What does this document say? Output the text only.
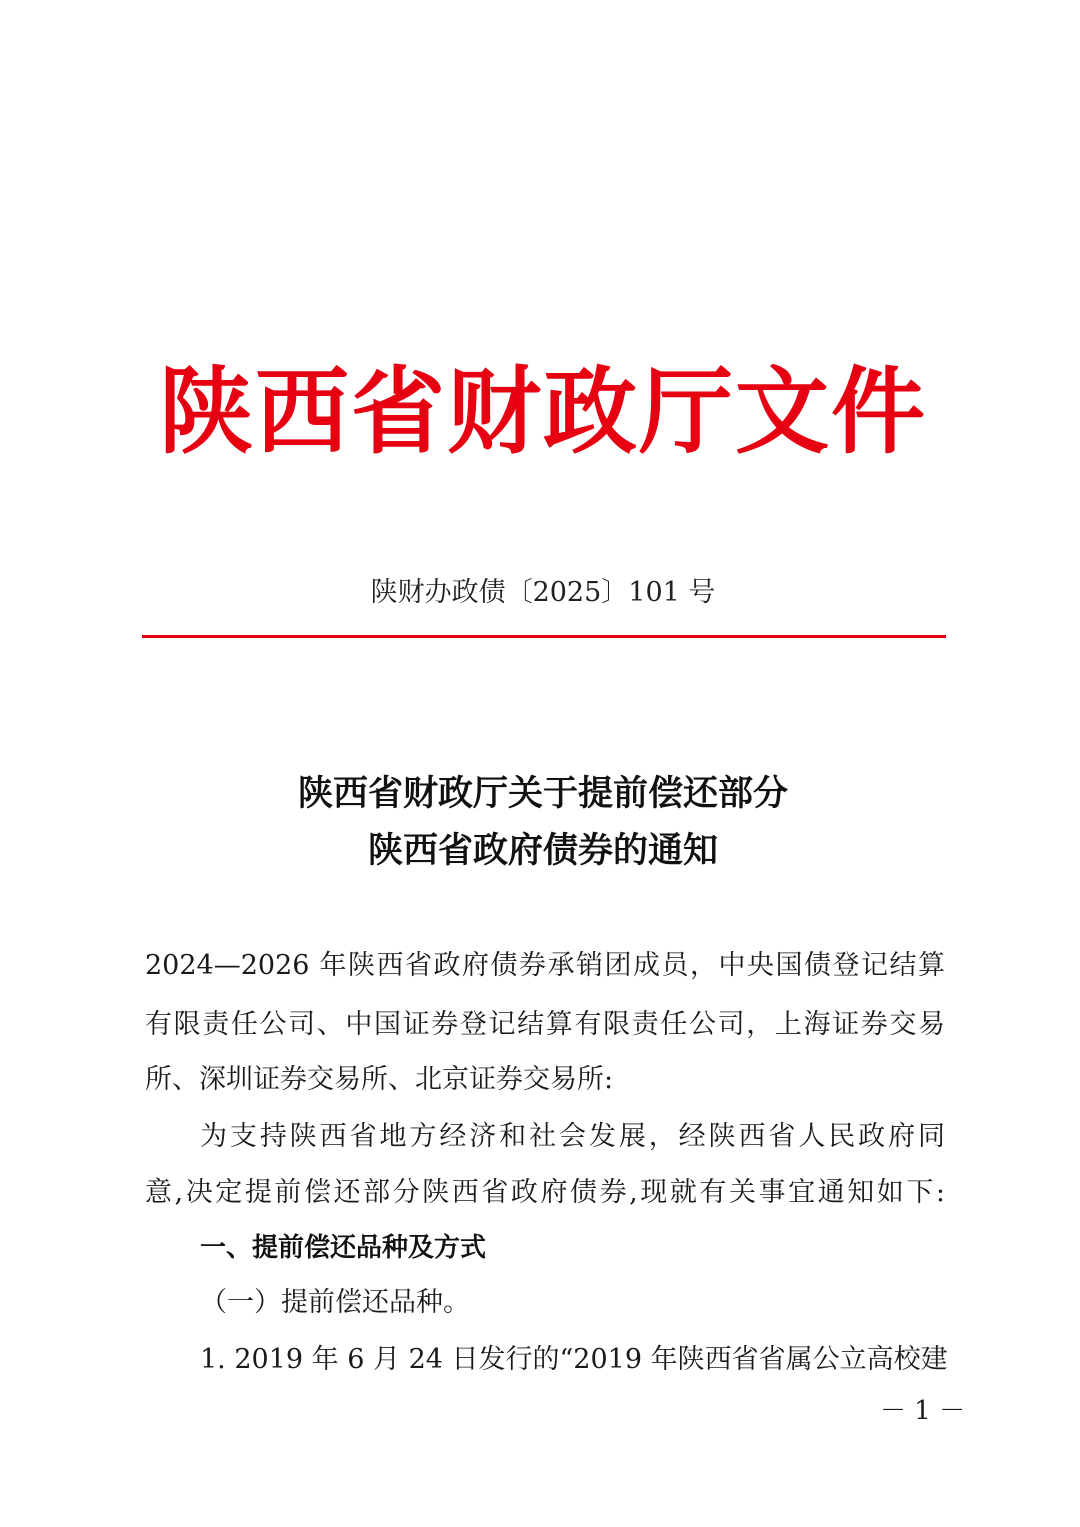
陕西省财政厅文件
陕财办政债〔2025〕101 号
陕西省财政厅关于提前偿还部分
陕西省政府债券的通知
2024—2026 年陕西省政府债券承销团成员，中央国债登记结算
有限责任公司、中国证券登记结算有限责任公司，上海证券交易
所、深圳证券交易所、北京证券交易所:
为支持陕西省地方经济和社会发展，经陕西省人民政府同
意,决定提前偿还部分陕西省政府债券,现就有关事宜通知如下:
一、提前偿还品种及方式
（一）提前偿还品种。
1. 2019 年 6 月 24 日发行的“2019 年陕西省省属公立高校建
－ 1 －
